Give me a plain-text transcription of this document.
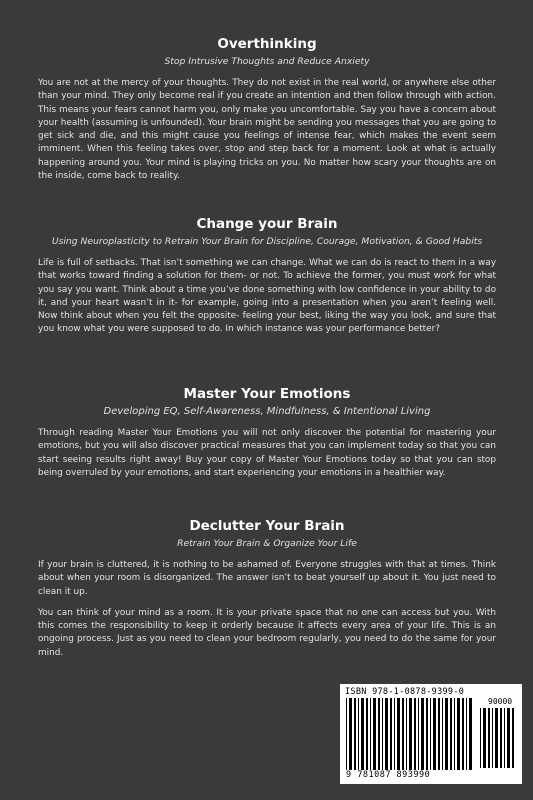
Overthinking
Stop Intrusive Thoughts and Reduce Anxiety

You are not at the mercy of your thoughts. They do not exist in the real world, or anywhere else other than your mind. They only become real if you create an intention and then follow through with action. This means your fears cannot harm you, only make you uncomfortable. Say you have a concern about your health (assuming is unfounded). Your brain might be sending you messages that you are going to get sick and die, and this might cause you feelings of intense fear, which makes the event seem imminent. When this feeling takes over, stop and step back for a moment. Look at what is actually happening around you. Your mind is playing tricks on you. No matter how scary your thoughts are on the inside, come back to reality.

Change your Brain
Using Neuroplasticity to Retrain Your Brain for Discipline, Courage, Motivation, & Good Habits

Life is full of setbacks. That isn’t something we can change. What we can do is react to them in a way that works toward finding a solution for them- or not. To achieve the former, you must work for what you say you want. Think about a time you’ve done something with low confidence in your ability to do it, and your heart wasn’t in it- for example, going into a presentation when you aren’t feeling well. Now think about when you felt the opposite- feeling your best, liking the way you look, and sure that you know what you were supposed to do. In which instance was your performance better?

Master Your Emotions
Developing EQ, Self-Awareness, Mindfulness, & Intentional Living

Through reading Master Your Emotions you will not only discover the potential for mastering your emotions, but you will also discover practical measures that you can implement today so that you can start seeing results right away! Buy your copy of Master Your Emotions today so that you can stop being overruled by your emotions, and start experiencing your emotions in a healthier way.

Declutter Your Brain
Retrain Your Brain & Organize Your Life

If your brain is cluttered, it is nothing to be ashamed of. Everyone struggles with that at times. Think about when your room is disorganized. The answer isn’t to beat yourself up about it. You just need to clean it up.

You can think of your mind as a room. It is your private space that no one can access but you. With this comes the responsibility to keep it orderly because it affects every area of your life. This is an ongoing process. Just as you need to clean your bedroom regularly, you need to do the same for your mind.

ISBN 978-1-0878-9399-0
90000
9 781087 893990
